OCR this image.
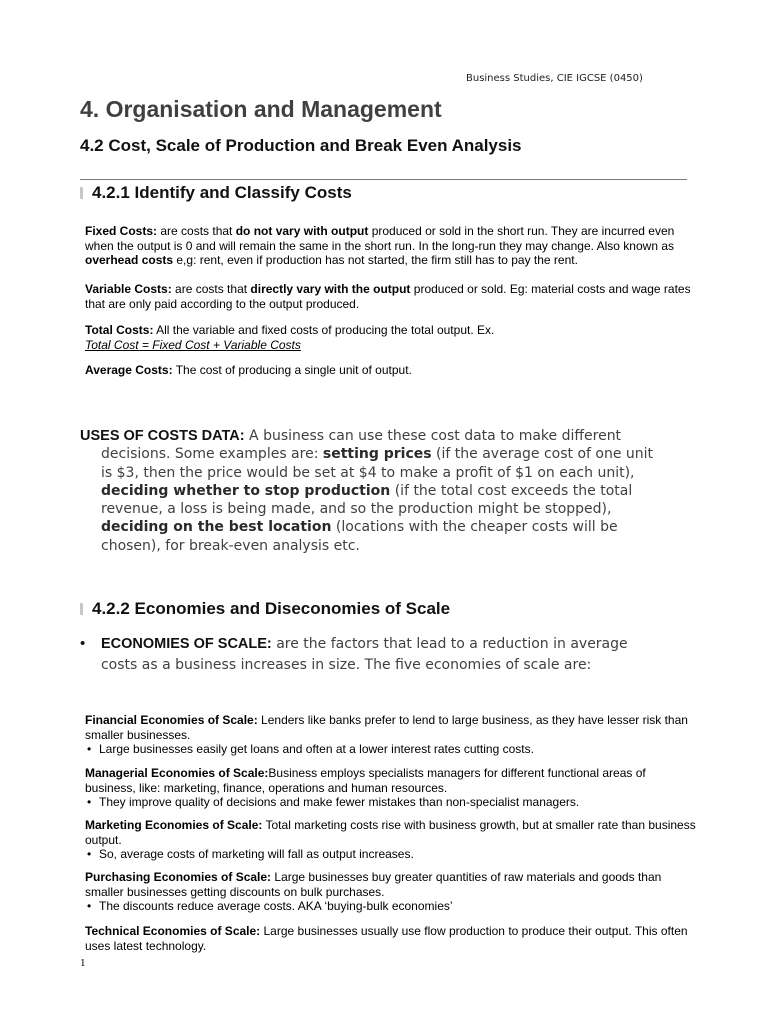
Business Studies, CIE IGCSE (0450)
4. Organisation and Management
4.2 Cost, Scale of Production and Break Even Analysis
4.2.1 Identify and Classify Costs

Fixed Costs: are costs that do not vary with output produced or sold in the short run. They are incurred even when the output is 0 and will remain the same in the short run. In the long-run they may change. Also known as overhead costs e,g: rent, even if production has not started, the firm still has to pay the rent.

Variable Costs: are costs that directly vary with the output produced or sold. Eg: material costs and wage rates that are only paid according to the output produced.

Total Costs: All the variable and fixed costs of producing the total output. Ex.
Total Cost = Fixed Cost + Variable Costs

Average Costs: The cost of producing a single unit of output.

USES OF COSTS DATA: A business can use these cost data to make different decisions. Some examples are: setting prices (if the average cost of one unit is $3, then the price would be set at $4 to make a profit of $1 on each unit), deciding whether to stop production (if the total cost exceeds the total revenue, a loss is being made, and so the production might be stopped), deciding on the best location (locations with the cheaper costs will be chosen), for break-even analysis etc.

4.2.2 Economies and Diseconomies of Scale
•	ECONOMIES OF SCALE: are the factors that lead to a reduction in average costs as a business increases in size. The five economies of scale are:

Financial Economies of Scale: Lenders like banks prefer to lend to large business, as they have lesser risk than smaller businesses.

• Large businesses easily get loans and often at a lower interest rates cutting costs.

Managerial Economies of Scale:Business employs specialists managers for different functional areas of business, like: marketing, finance, operations and human resources.

• They improve quality of decisions and make fewer mistakes than non-specialist managers.

Marketing Economies of Scale: Total marketing costs rise with business growth, but at smaller rate than business output.

• So, average costs of marketing will fall as output increases.

Purchasing Economies of Scale: Large businesses buy greater quantities of raw materials and goods than smaller businesses getting discounts on bulk purchases.

• The discounts reduce average costs. AKA ‘buying-bulk economies’

Technical Economies of Scale: Large businesses usually use flow production to produce their output. This often uses latest technology.

1
